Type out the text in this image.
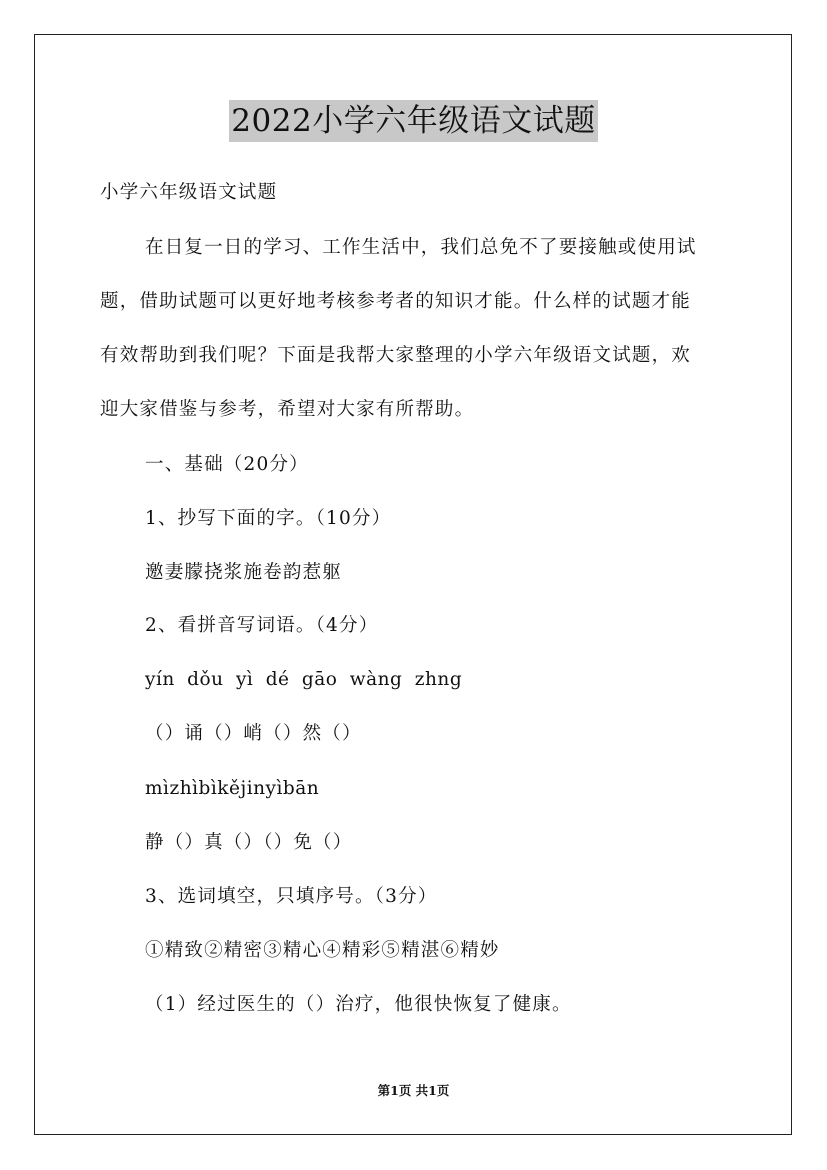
2022小学六年级语文试题
小学六年级语文试题
在日复一日的学习、工作生活中，我们总免不了要接触或使用试
题，借助试题可以更好地考核参考者的知识才能。什么样的试题才能
有效帮助到我们呢？下面是我帮大家整理的小学六年级语文试题，欢
迎大家借鉴与参考，希望对大家有所帮助。
一、基础（20分）
1、抄写下面的字。（10分）
邀妻朦挠浆施卷韵惹躯
2、看拼音写词语。（4分）
yín dǒu yì dé gāo wàng zhng
（）诵（）峭（）然（）
mìzhìbìkějinyìbān
静（）真（）（）免（）
3、选词填空，只填序号。（3分）
①精致②精密③精心④精彩⑤精湛⑥精妙
（1）经过医生的（）治疗，他很快恢复了健康。
第1页 共1页
